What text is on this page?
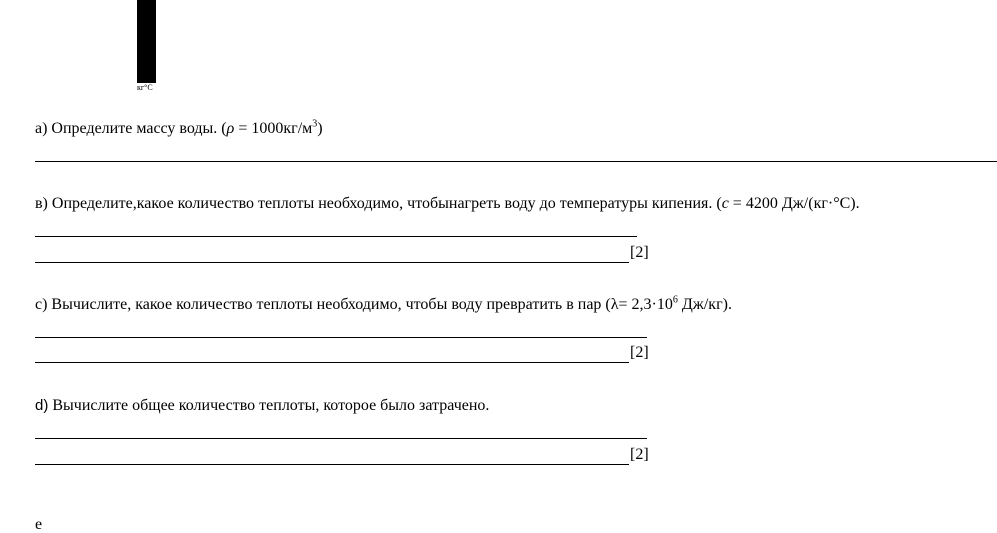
кг°С
а) Определите массу воды. $(\rho = 1000кг/м^3)$
в) Определите,какое количество теплоты необходимо, чтобынагреть воду до температуры кипения. (с = 4200 Дж/(кг·°С).
[2]
с) Вычислите, какое количество теплоты необходимо, чтобы воду превратить в пар ($\lambda= 2,3\cdot 10^6$ Дж/кг).
[2]
d) Вычислите общее количество теплоты, которое было затрачено.
[2]
е
